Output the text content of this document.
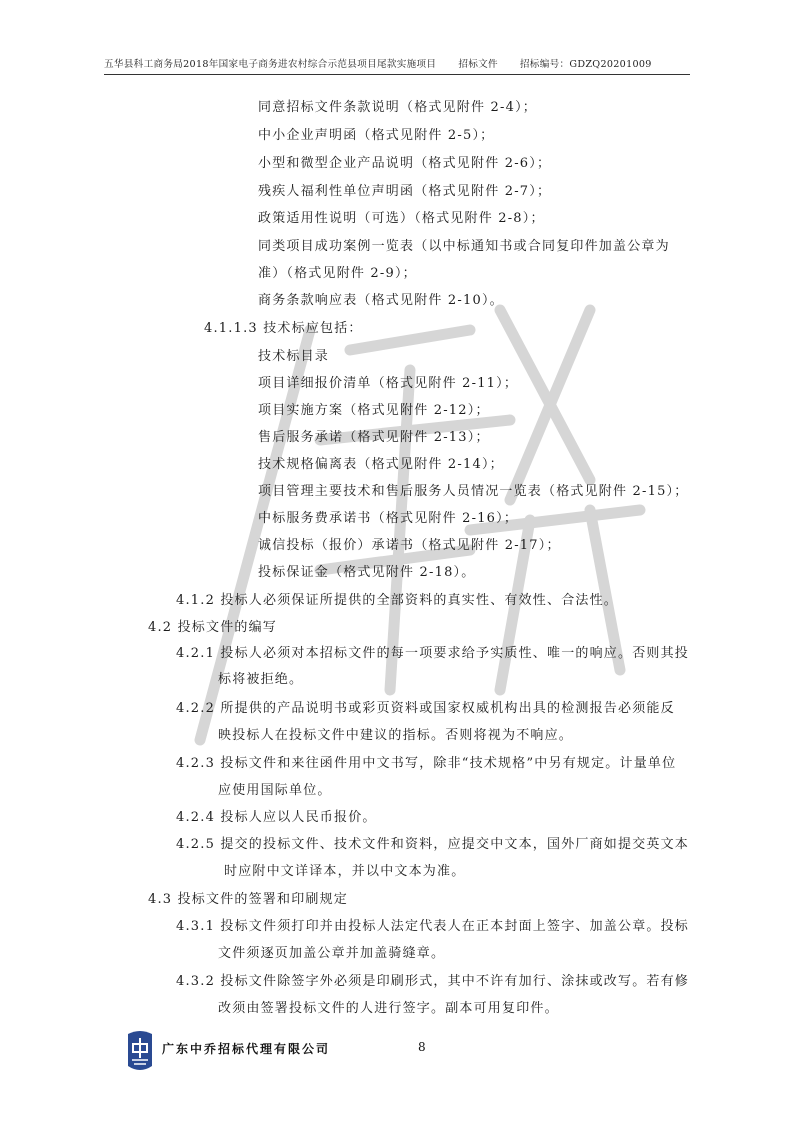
五华县科工商务局2018年国家电子商务进农村综合示范县项目尾款实施项目 招标文件 招标编号：GDZQ20201009
同意招标文件条款说明（格式见附件 2-4）；
中小企业声明函（格式见附件 2-5）；
小型和微型企业产品说明（格式见附件 2-6）；
残疾人福利性单位声明函（格式见附件 2-7）；
政策适用性说明（可选）（格式见附件 2-8）；
同类项目成功案例一览表（以中标通知书或合同复印件加盖公章为
准）（格式见附件 2-9）；
商务条款响应表（格式见附件 2-10）。
4.1.1.3 技术标应包括：
技术标目录
项目详细报价清单（格式见附件 2-11）；
项目实施方案（格式见附件 2-12）；
售后服务承诺（格式见附件 2-13）；
技术规格偏离表（格式见附件 2-14）；
项目管理主要技术和售后服务人员情况一览表（格式见附件 2-15）；
中标服务费承诺书（格式见附件 2-16）；
诚信投标（报价）承诺书（格式见附件 2-17）；
投标保证金（格式见附件 2-18）。
4.1.2 投标人必须保证所提供的全部资料的真实性、有效性、合法性。
4.2 投标文件的编写
4.2.1 投标人必须对本招标文件的每一项要求给予实质性、唯一的响应。否则其投
标将被拒绝。
4.2.2 所提供的产品说明书或彩页资料或国家权威机构出具的检测报告必须能反
映投标人在投标文件中建议的指标。否则将视为不响应。
4.2.3 投标文件和来往函件用中文书写，除非“技术规格”中另有规定。计量单位
应使用国际单位。
4.2.4 投标人应以人民币报价。
4.2.5 提交的投标文件、技术文件和资料，应提交中文本，国外厂商如提交英文本
时应附中文详译本，并以中文本为准。
4.3 投标文件的签署和印刷规定
4.3.1 投标文件须打印并由投标人法定代表人在正本封面上签字、加盖公章。投标
文件须逐页加盖公章并加盖骑缝章。
4.3.2 投标文件除签字外必须是印刷形式，其中不许有加行、涂抹或改写。若有修
改须由签署投标文件的人进行签字。副本可用复印件。
广东中乔招标代理有限公司	8
